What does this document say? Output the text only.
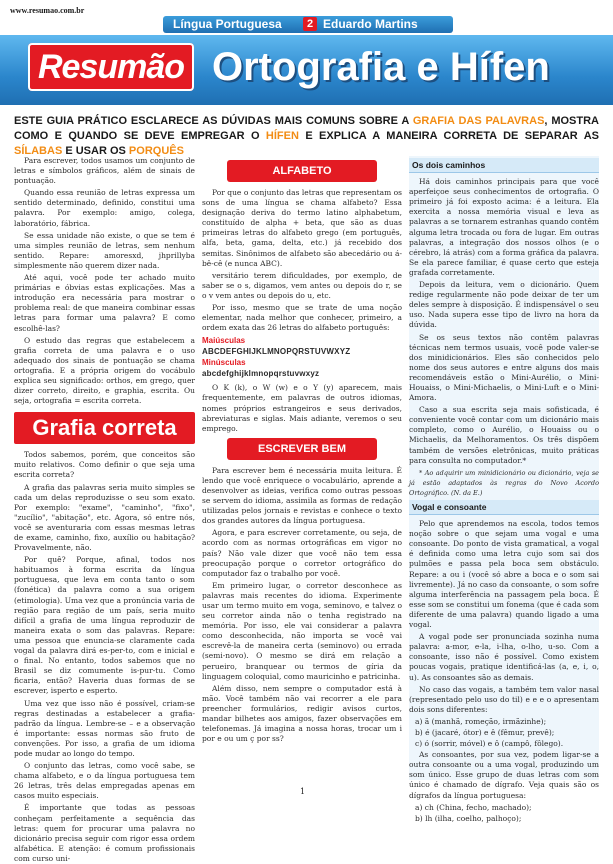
www.resumao.com.br
Língua Portuguesa	2 Eduardo Martins
Resumão Ortografia e Hífen
ESTE GUIA PRÁTICO ESCLARECE AS DÚVIDAS MAIS COMUNS SOBRE A GRAFIA DAS PALAVRAS, MOSTRA COMO E QUANDO SE DEVE EMPREGAR O HÍFEN E EXPLICA A MANEIRA CORRETA DE SEPARAR AS SÍLABAS E USAR OS PORQUÊS

Para escrever, todos usamos um conjunto de letras e símbolos gráficos, além de sinais de pontuação.

Quando essa reunião de letras expressa um sentido determinado, definido, constitui uma palavra. Por exemplo: amigo, colega, laboratório, fábrica.

Se essa unidade não existe, o que se tem é uma simples reunião de letras, sem nenhum sentido. Repare: amoresxd, jhprillyba simplesmente não querem dizer nada.

Até aqui, você pode ter achado muito primárias e óbvias estas explicações. Mas a introdução era necessária para mostrar o problema real: de que maneira combinar essas letras para formar uma palavra? E como escolhê-las?

O estudo das regras que estabelecem a grafia correta de uma palavra e o uso adequado dos sinais de pontuação se chama ortografia. E a própria origem do vocábulo explica seu significado: orthos, em grego, quer dizer correto, direito, e graphia, escrita. Ou seja, ortografia = escrita correta.

Grafia correta

Todos sabemos, porém, que conceitos são muito relativos. Como definir o que seja uma escrita correta?

A grafia das palavras seria muito simples se cada um delas reproduzisse o seu som exato. Por exemplo: "exame", "caminho", "fixo", "zucílio", "abitação", etc. Agora, só entre nós, você se aventuraria com essas mesmas letras de exame, caminho, fixo, auxílio ou habitação? Provavelmente, não.

Por quê? Porque, afinal, todos nos habituamos à forma escrita da língua portuguesa, que leva em conta tanto o som (fonética) da palavra como a sua origem (etimologia). Uma vez que a pronúncia varia de região para região de um país, seria muito difícil a grafia de uma língua reproduzir de maneira exata o som das palavras. Repare: uma pessoa que enuncia-se claramente cada vogal da palavra dirá es-per-to, com e inicial e o final. No entanto, todos sabemos que no Brasil se diz comumente is-pur-tu. Como ficaria, então? Haveria duas formas de se escrever, isperto e esperto.

Uma vez que isso não é possível, criam-se regras destinadas a estabelecer a grafia-padrão da língua. Lembre-se – e a observação é importante: essas normas são fruto de convenções. Por isso, a grafia de um idioma pode mudar ao longo do tempo.

O conjunto das letras, como você sabe, se chama alfabeto, e o da língua portuguesa tem 26 letras, três delas empregadas apenas em casos muito especiais.

É importante que todas as pessoas conheçam perfeitamente a sequência das letras: quem for procurar uma palavra no dicionário precisa seguir com rigor essa ordem alfabética. E atenção: é comum profissionais com curso uni-

ALFABETO

Por que o conjunto das letras que representam os sons de uma língua se chama alfabeto? Essa designação deriva do termo latino alphabetum, constituído de alpha + beta, que são as duas primeiras letras do alfabeto grego (em português, alfa, beta, gama, delta, etc.) já recebido dos semitas. Sinônimos de alfabeto são abecedário ou á-bê-cê (e nunca ABC).

versitário terem dificuldades, por exemplo, de saber se o s, digamos, vem antes ou depois do r, se o v vem antes ou depois do u, etc.

Por isso, mesmo que se trate de uma noção elementar, nada melhor que conhecer, primeiro, a ordem exata das 26 letras do alfabeto português:

Maiúsculas
ABCDEFGHIJKLMNOPQRSTUVWXYZ
Minúsculas
abcdefghijklmnopqrstuvwxyz

O K (k), o W (w) e o Y (y) aparecem, mais frequentemente, em palavras de outros idiomas, nomes próprios estrangeiros e seus derivados, abreviaturas e siglas. Mais adiante, veremos o seu emprego.

ESCREVER BEM

Para escrever bem é necessária muita leitura. É lendo que você enriquece o vocabulário, aprende a desenvolver as ideias, verifica como outras pessoas se servem do idioma, assimila as formas de redação utilizadas pelos jornais e revistas e conhece o texto dos grandes autores da língua portuguesa.

Agora, e para escrever corretamente, ou seja, de acordo com as normas ortográficas em vigor no país? Não vale dizer que você não tem essa preocupação porque o corretor ortográfico do computador faz o trabalho por você.

Em primeiro lugar, o corretor desconhece as palavras mais recentes do idioma. Experimente usar um termo muito em voga, seminovo, e talvez o seu corretor ainda não o tenha registrado na memória. Por isso, ele vai considerar a palavra como desconhecida, não importa se você vai escrevê-la de maneira certa (seminovo) ou errada (semi-novo). O mesmo se dirá em relação a perueiro, branquear ou termos de gíria da linguagem coloquial, como mauricinho e patricinha.

Além disso, nem sempre o computador está à mão. Você também não vai recorrer a ele para preencher formulários, redigir avisos curtos, mandar bilhetes aos amigos, fazer observações em telefonemas. Já imagina a nossa horas, trocar um i por e ou um ç por ss?

Os dois caminhos

Há dois caminhos principais para que você aperfeiçoe seus conhecimentos de ortografia. O primeiro já foi exposto acima: é a leitura. Ela exercita a nossa memória visual e leva as palavras a se tornarem estranhas quando contêm alguma letra trocada ou fora de lugar. Em outras palavras, a integração dos nossos olhos (e o cérebro, lá atrás) com a forma gráfica da palavra. Se ela parece familiar, é quase certo que esteja grafada corretamente.

Depois da leitura, vem o dicionário. Quem redige regularmente não pode deixar de ter um deles sempre à disposição. É indispensável o seu uso. Nada supera esse tipo de livro na hora da dúvida.

Se os seus textos não contêm palavras técnicas nem termos usuais, você pode valer-se dos minidicionários. Eles são conhecidos pelo nome dos seus autores e entre alguns dos mais recomendáveis estão o Mini-Aurélio, o Mini-Houaiss, o Mini-Michaelis, o Mini-Luft e o Mini-Amora.

Caso a sua escrita seja mais sofisticada, é conveniente você contar com um dicionário mais completo, como o Aurélio, o Houaiss ou o Michaelis, da Melhoramentos. Os três dispõem também de versões eletrônicas, muito práticas para consulta no computador.*

* Ao adquirir um minidicionário ou dicionário, veja se já estão adaptados às regras do Novo Acordo Ortográfico. (N. da E.)

Vogal e consoante

Pelo que aprendemos na escola, todos temos noção sobre o que sejam uma vogal e uma consoante. Do ponto de vista gramatical, a vogal é definida como uma letra cujo som sai dos pulmões e passa pela boca sem obstáculo. Repare: a ou i (você só abre a boca e o som sai livremente). Já no caso da consoante, o som sofre alguma interferência na passagem pela boca. É esse som se constitui um fonema (que é cada som diferente de uma palavra) quando ligado a uma vogal.

A vogal pode ser pronunciada sozinha numa palavra: a-mor, e-la, i-lha, o-lho, u-so. Com a consoante, isso não é possível. Como existem poucas vogais, pratique identificá-las (a, e, i, o, u). As consoantes são as demais.

No caso das vogais, a também tem valor nasal (representado pelo uso do til) e e e o apresentam dois sons diferentes:

a) ã (manhã, romeção, irmãzinhe);
b) é (jacaré, ótor) e ê (fêmur, prevê);
c) ó (sorrir, móvel) e ô (campô, fôlego).

As consoantes, por sua vez, podem ligar-se a outra consoante ou a uma vogal, produzindo um som único. Esse grupo de duas letras com som único é chamado de dígrafo. Veja quais são os dígrafos da língua portuguesa:

a) ch (China, fecho, machado);
b) lh (ilha, coelho, palhoço);
1
